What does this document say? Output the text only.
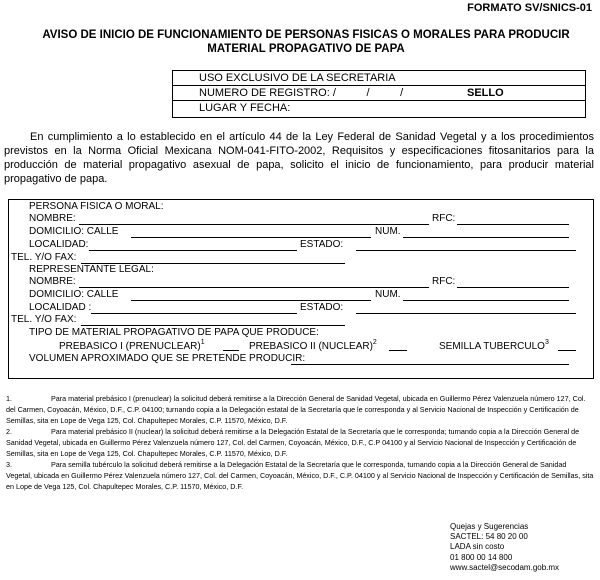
FORMATO SV/SNICS-01
AVISO DE INICIO DE FUNCIONAMIENTO DE PERSONAS FISICAS O MORALES PARA PRODUCIR MATERIAL PROPAGATIVO DE PAPA
USO EXCLUSIVO DE LA SECRETARIA
NUMERO DE REGISTRO: /          /          /	SELLO
LUGAR Y FECHA:
En cumplimiento a lo establecido en el artículo 44 de la Ley Federal de Sanidad Vegetal y a los procedimientos previstos en la Norma Oficial Mexicana NOM-041-FITO-2002, Requisitos y especificaciones fitosanitarios para la producción de material propagativo asexual de papa, solicito el inicio de funcionamiento, para producir material propagativo de papa.
PERSONA FISICA O MORAL:
NOMBRE:	RFC:
DOMICILIO: CALLE	NUM.
LOCALIDAD:	ESTADO:
TEL. Y/O FAX:
REPRESENTANTE LEGAL:
NOMBRE:	RFC:
DOMICILIO: CALLE	NUM.
LOCALIDAD :	ESTADO:
TEL. Y/O FAX:
TIPO DE MATERIAL PROPAGATIVO DE PAPA QUE PRODUCE:
PREBASICO I (PRENUCLEAR)$^1$	PREBASICO II (NUCLEAR)$^2$	SEMILLA TUBERCULO$^3$
VOLUMEN APROXIMADO QUE SE PRETENDE PRODUCIR:

1.	Para material prebásico I (prenuclear) la solicitud deberá remitirse a la Dirección General de Sanidad Vegetal, ubicada en Guillermo Pérez Valenzuela número 127, Col. del Carmen, Coyoacán, México, D.F., C.P. 04100; turnando copia a la Delegación estatal de la Secretaría que le corresponda y al Servicio Nacional de Inspección y Certificación de Semillas, sita en Lope de Vega 125, Col. Chapultepec Morales, C.P. 11570, México, D.F.

2.	Para material prebásico II (nuclear) la solicitud deberá remitirse a la Delegación Estatal de la Secretaría que le corresponda; turnando copia a la Dirección General de Sanidad Vegetal, ubicada en Guillermo Pérez Valenzuela número 127, Col. del Carmen, Coyoacán, México, D.F., C.P 04100 y al Servicio Nacional de Inspección y Certificación de Semillas, sita en Lope de Vega 125, Col. Chapultepec Morales, C.P. 11570, México, D.F.

3.	Para semilla tubérculo la solicitud deberá remitirse a la Delegación Estatal de la Secretaría que le corresponda, turnando copia a la Dirección General de Sanidad Vegetal, ubicada en Guillermo Pérez Valenzuela número 127, Col. del Carmen, Coyoacán, México, D.F., C.P. 04100 y al Servicio Nacional de Inspección y Certificación de Semillas, sita en Lope de Vega 125, Col. Chapultepec Morales, C.P. 11570, México, D.F.

Quejas y Sugerencias
SACTEL: 54 80 20 00
LADA sin costo
01 800 00 14 800
www.sactel@secodam.gob.mx
